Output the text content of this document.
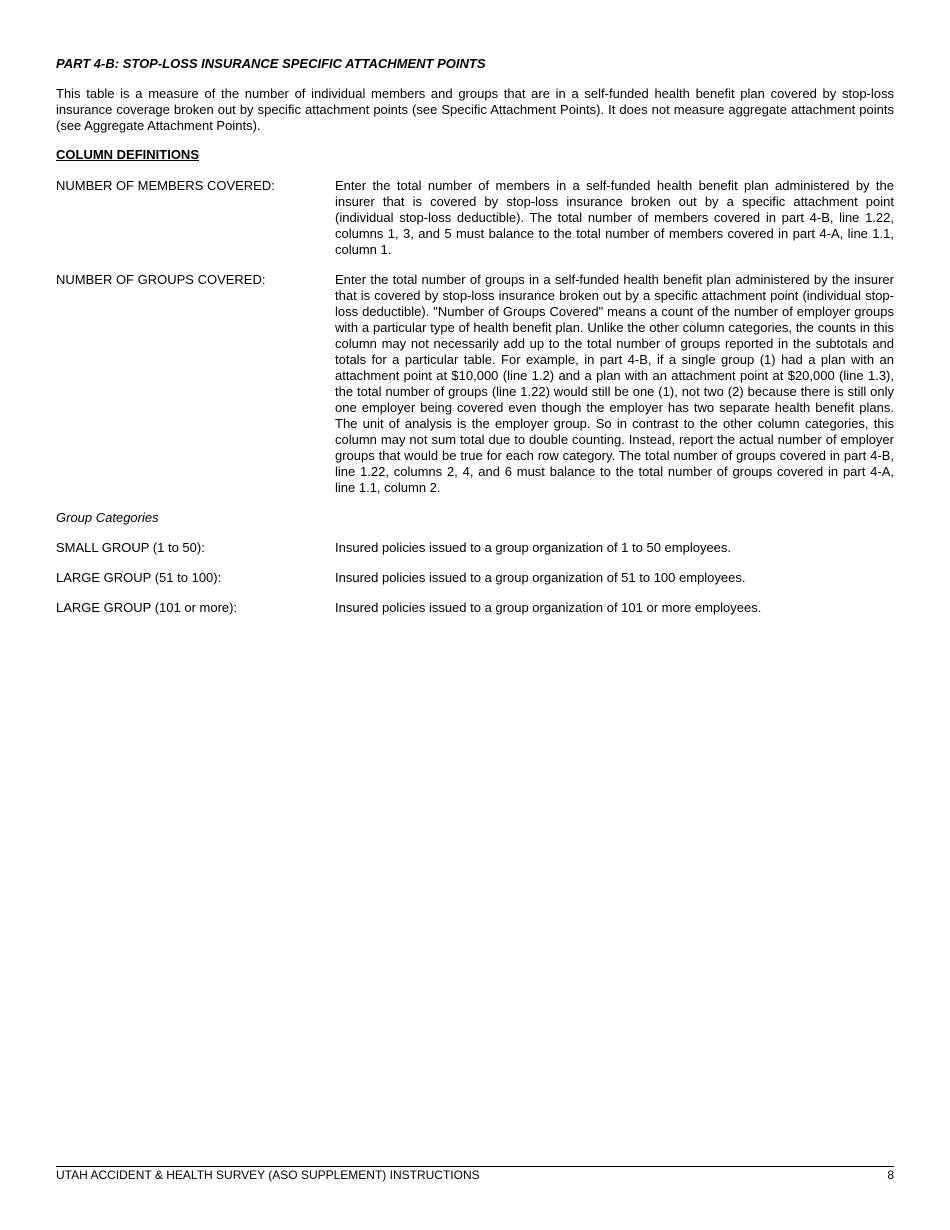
PART 4-B: STOP-LOSS INSURANCE SPECIFIC ATTACHMENT POINTS
This table is a measure of the number of individual members and groups that are in a self-funded health benefit plan covered by stop-loss insurance coverage broken out by specific attachment points (see Specific Attachment Points). It does not measure aggregate attachment points (see Aggregate Attachment Points).
COLUMN DEFINITIONS
NUMBER OF MEMBERS COVERED:	Enter the total number of members in a self-funded health benefit plan administered by the insurer that is covered by stop-loss insurance broken out by a specific attachment point (individual stop-loss deductible). The total number of members covered in part 4-B, line 1.22, columns 1, 3, and 5 must balance to the total number of members covered in part 4-A, line 1.1, column 1.
NUMBER OF GROUPS COVERED:	Enter the total number of groups in a self-funded health benefit plan administered by the insurer that is covered by stop-loss insurance broken out by a specific attachment point (individual stop-loss deductible). "Number of Groups Covered" means a count of the number of employer groups with a particular type of health benefit plan. Unlike the other column categories, the counts in this column may not necessarily add up to the total number of groups reported in the subtotals and totals for a particular table. For example, in part 4-B, if a single group (1) had a plan with an attachment point at $10,000 (line 1.2) and a plan with an attachment point at $20,000 (line 1.3), the total number of groups (line 1.22) would still be one (1), not two (2) because there is still only one employer being covered even though the employer has two separate health benefit plans. The unit of analysis is the employer group. So in contrast to the other column categories, this column may not sum total due to double counting. Instead, report the actual number of employer groups that would be true for each row category. The total number of groups covered in part 4-B, line 1.22, columns 2, 4, and 6 must balance to the total number of groups covered in part 4-A, line 1.1, column 2.
Group Categories
SMALL GROUP (1 to 50):	Insured policies issued to a group organization of 1 to 50 employees.
LARGE GROUP (51 to 100):	Insured policies issued to a group organization of 51 to 100 employees.
LARGE GROUP (101 or more):	Insured policies issued to a group organization of 101 or more employees.
UTAH ACCIDENT & HEALTH SURVEY (ASO SUPPLEMENT) INSTRUCTIONS	8
